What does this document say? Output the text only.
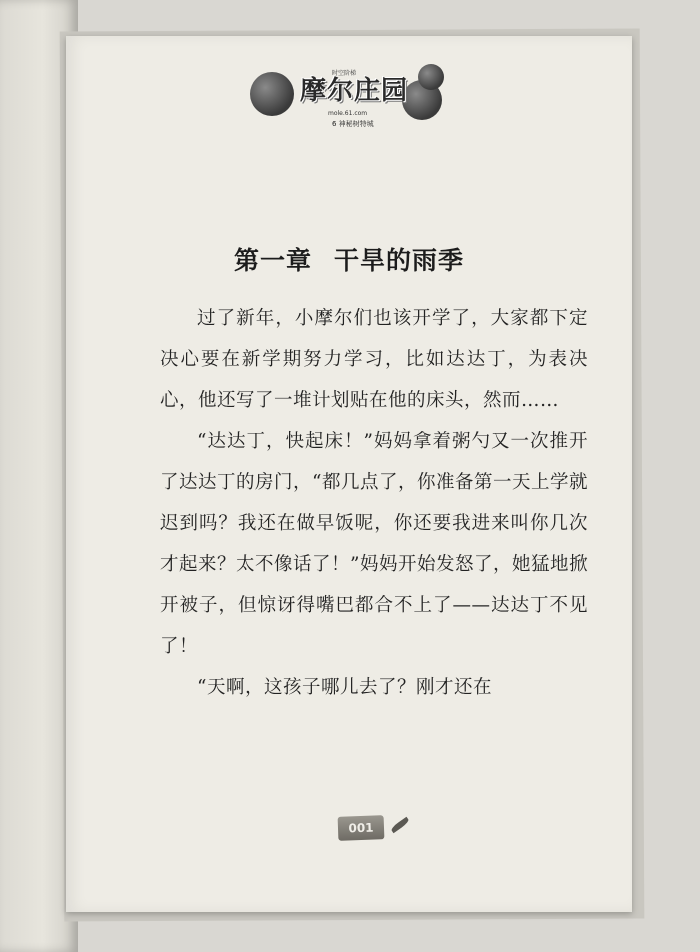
时空阶梯
摩尔庄园
mole.61.com
6 神秘树特城
第一章 干旱的雨季

过了新年，小摩尔们也该开学了，大家都下定决心要在新学期努力学习，比如达达丁，为表决心，他还写了一堆计划贴在他的床头，然而……

“达达丁，快起床！”妈妈拿着粥勺又一次推开了达达丁的房门，“都几点了，你准备第一天上学就迟到吗？我还在做早饭呢，你还要我进来叫你几次才起来？太不像话了！”妈妈开始发怒了，她猛地掀开被子，但惊讶得嘴巴都合不上了——达达丁不见了！

“天啊，这孩子哪儿去了？刚才还在

001
